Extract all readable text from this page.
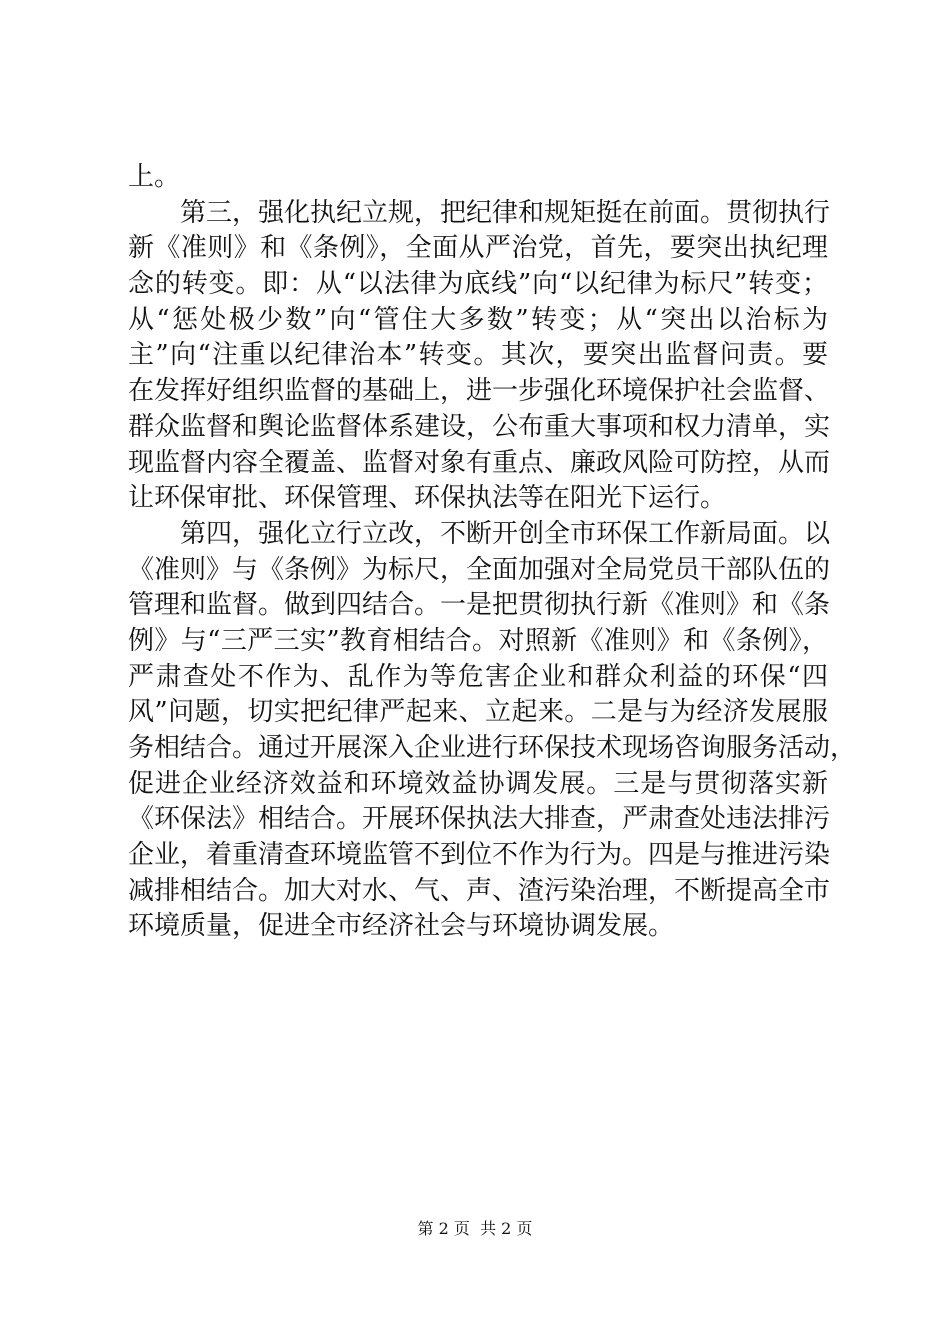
上。
第三，强化执纪立规，把纪律和规矩挺在前面。贯彻执行
新《准则》和《条例》，全面从严治党，首先，要突出执纪理
念的转变。即：从“以法律为底线”向“以纪律为标尺”转变；
从“惩处极少数”向“管住大多数”转变；从“突出以治标为
主”向“注重以纪律治本”转变。其次，要突出监督问责。要
在发挥好组织监督的基础上，进一步强化环境保护社会监督、
群众监督和舆论监督体系建设，公布重大事项和权力清单，实
现监督内容全覆盖、监督对象有重点、廉政风险可防控，从而
让环保审批、环保管理、环保执法等在阳光下运行。
第四，强化立行立改，不断开创全市环保工作新局面。以
《准则》与《条例》为标尺，全面加强对全局党员干部队伍的
管理和监督。做到四结合。一是把贯彻执行新《准则》和《条
例》与“三严三实”教育相结合。对照新《准则》和《条例》，
严肃查处不作为、乱作为等危害企业和群众利益的环保“四
风”问题，切实把纪律严起来、立起来。二是与为经济发展服
务相结合。通过开展深入企业进行环保技术现场咨询服务活动，
促进企业经济效益和环境效益协调发展。三是与贯彻落实新
《环保法》相结合。开展环保执法大排查，严肃查处违法排污
企业，着重清查环境监管不到位不作为行为。四是与推进污染
减排相结合。加大对水、气、声、渣污染治理，不断提高全市
环境质量，促进全市经济社会与环境协调发展。
第 2 页  共 2 页
